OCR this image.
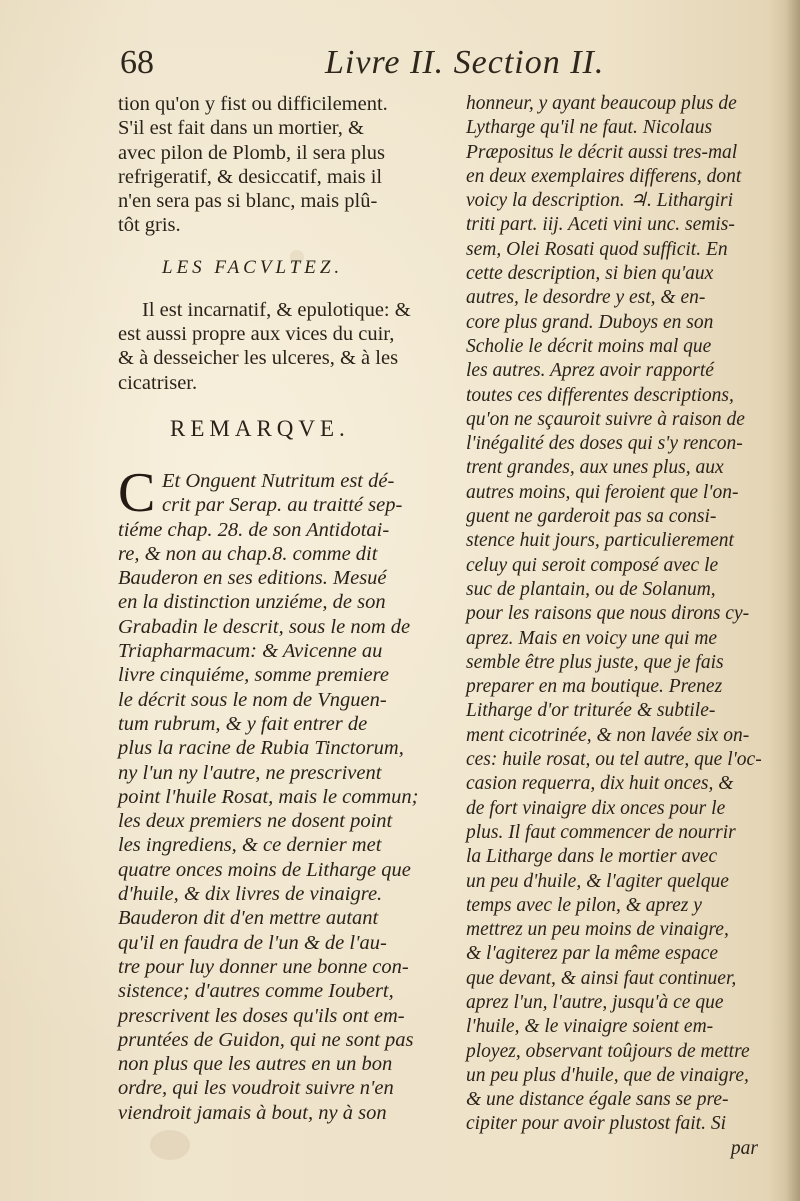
68	Livre II. Section II.
tion qu'on y fist ou difficilement.
S'il est fait dans un mortier, &
avec pilon de Plomb, il sera plus
refrigeratif, & desiccatif, mais il
n'en sera pas si blanc, mais plû-
tôt gris.
LES FACVLTEZ.
Il est incarnatif, & epulotique: &
est aussi propre aux vices du cuir,
& à desseicher les ulceres, & à les
cicatriser.
REMARQVE.
C Et Onguent Nutritum est dé-
crit par Serap. au traitté sep-
tiéme chap. 28. de son Antidotai-
re, & non au chap.8. comme dit
Bauderon en ses editions. Mesué
en la distinction unziéme, de son
Grabadin le descrit, sous le nom de
Triapharmacum: & Avicenne au
livre cinquiéme, somme premiere
le décrit sous le nom de Vnguen-
tum rubrum, & y fait entrer de
plus la racine de Rubia Tinctorum,
ny l'un ny l'autre, ne prescrivent
point l'huile Rosat, mais le commun;
les deux premiers ne dosent point
les ingrediens, & ce dernier met
quatre onces moins de Litharge que
d'huile, & dix livres de vinaigre.
Bauderon dit d'en mettre autant
qu'il en faudra de l'un & de l'au-
tre pour luy donner une bonne con-
sistence; d'autres comme Ioubert,
prescrivent les doses qu'ils ont em-
pruntées de Guidon, qui ne sont pas
non plus que les autres en un bon
ordre, qui les voudroit suivre n'en
viendroit jamais à bout, ny à son
honneur, y ayant beaucoup plus de
Lytharge qu'il ne faut. Nicolaus
Præpositus le décrit aussi tres-mal
en deux exemplaires differens, dont
voicy la description. ♃. Lithargiri
triti part. iij. Aceti vini unc. semis-
sem, Olei Rosati quod sufficit. En
cette description, si bien qu'aux
autres, le desordre y est, & en-
core plus grand. Duboys en son
Scholie le décrit moins mal que
les autres. Aprez avoir rapporté
toutes ces differentes descriptions,
qu'on ne sçauroit suivre à raison de
l'inégalité des doses qui s'y rencon-
trent grandes, aux unes plus, aux
autres moins, qui feroient que l'on-
guent ne garderoit pas sa consi-
stence huit jours, particulierement
celuy qui seroit composé avec le
suc de plantain, ou de Solanum,
pour les raisons que nous dirons cy-
aprez. Mais en voicy une qui me
semble être plus juste, que je fais
preparer en ma boutique. Prenez
Litharge d'or triturée & subtile-
ment cicotrinée, & non lavée six on-
ces: huile rosat, ou tel autre, que l'oc-
casion requerra, dix huit onces, &
de fort vinaigre dix onces pour le
plus. Il faut commencer de nourrir
la Litharge dans le mortier avec
un peu d'huile, & l'agiter quelque
temps avec le pilon, & aprez y
mettrez un peu moins de vinaigre,
& l'agiterez par la même espace
que devant, & ainsi faut continuer,
aprez l'un, l'autre, jusqu'à ce que
l'huile, & le vinaigre soient em-
ployez, observant toûjours de mettre
un peu plus d'huile, que de vinaigre,
& une distance égale sans se pre-
cipiter pour avoir plustost fait. Si
par
